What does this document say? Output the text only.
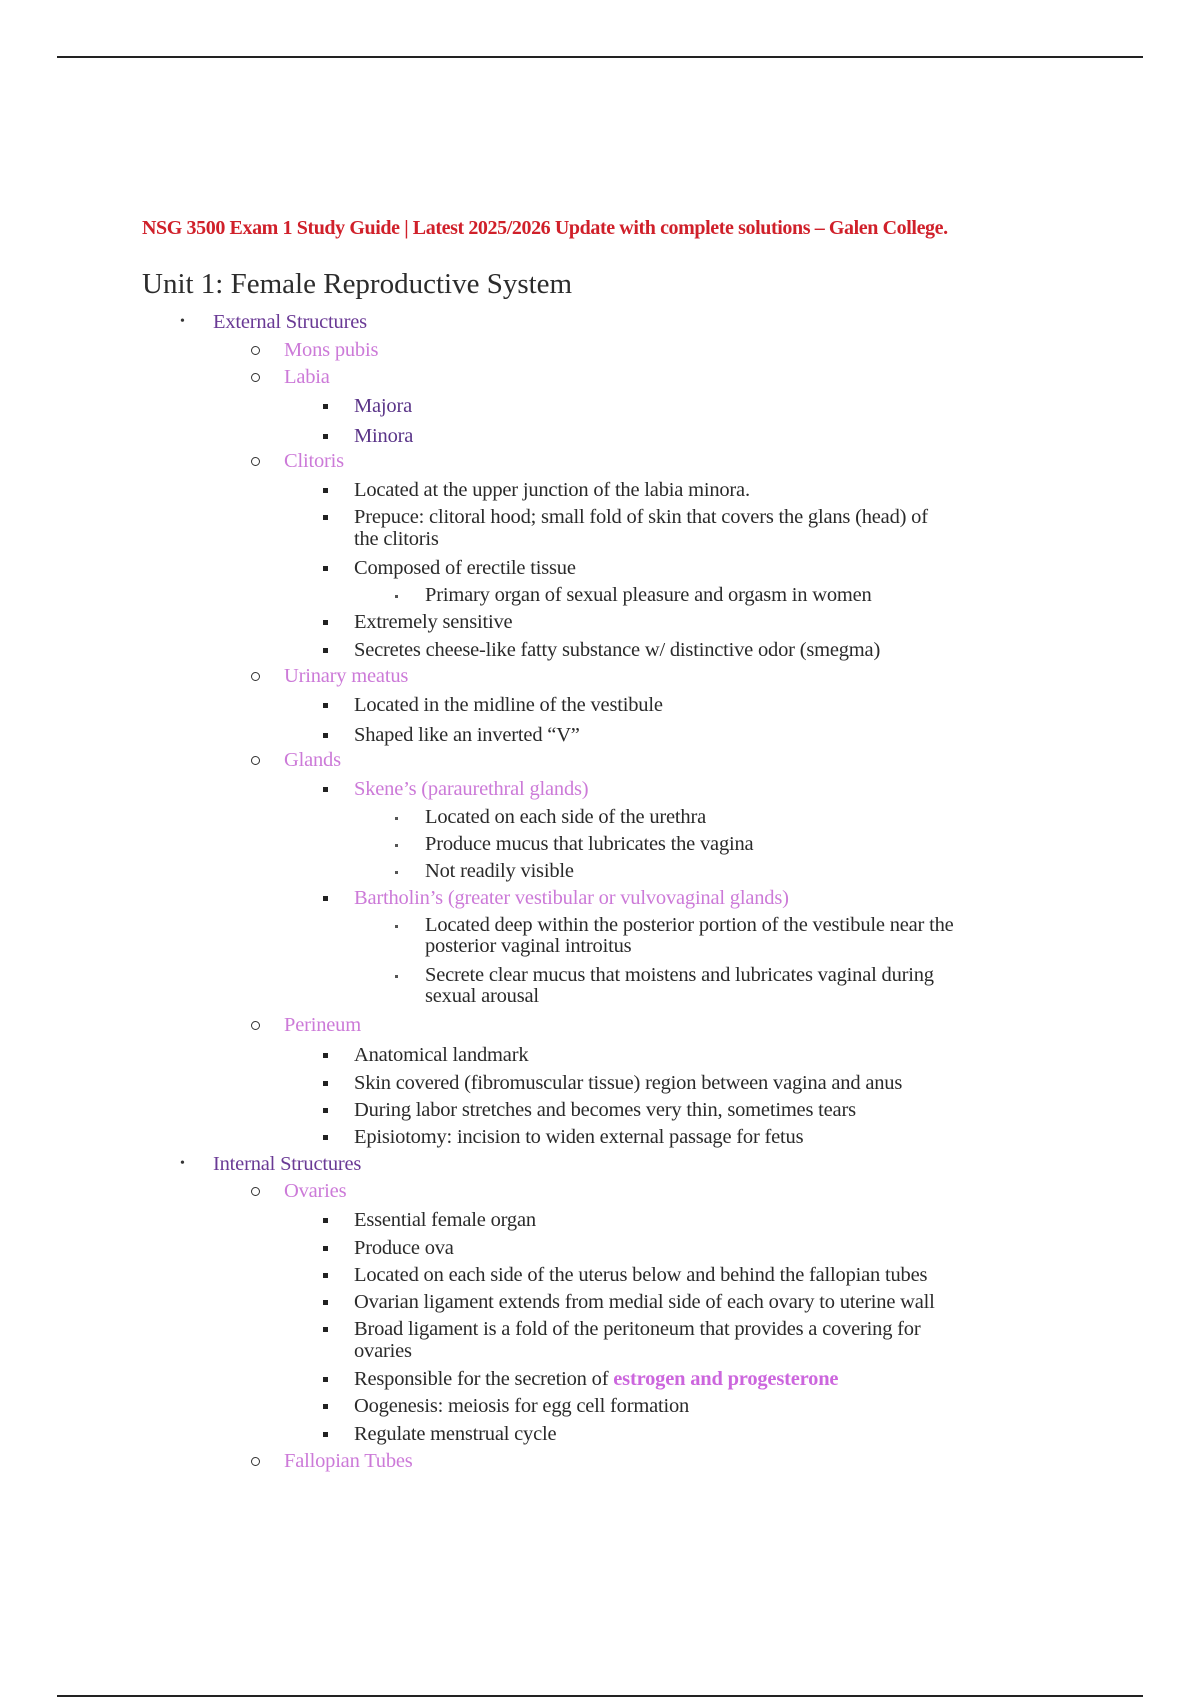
NSG 3500 Exam 1 Study Guide | Latest 2025/2026 Update with complete solutions – Galen College.
Unit 1: Female Reproductive System
• External Structures
Mons pubis
Labia
Majora
Minora
Clitoris
Located at the upper junction of the labia minora.
Prepuce: clitoral hood; small fold of skin that covers the glans (head) of
the clitoris
Composed of erectile tissue
Primary organ of sexual pleasure and orgasm in women
Extremely sensitive
Secretes cheese-like fatty substance w/ distinctive odor (smegma)
Urinary meatus
Located in the midline of the vestibule
Shaped like an inverted “V”
Glands
Skene’s (paraurethral glands)
Located on each side of the urethra
Produce mucus that lubricates the vagina
Not readily visible
Bartholin’s (greater vestibular or vulvovaginal glands)
Located deep within the posterior portion of the vestibule near the
posterior vaginal introitus
Secrete clear mucus that moistens and lubricates vaginal during
sexual arousal
Perineum
Anatomical landmark
Skin covered (fibromuscular tissue) region between vagina and anus
During labor stretches and becomes very thin, sometimes tears
Episiotomy: incision to widen external passage for fetus
• Internal Structures
Ovaries
Essential female organ
Produce ova
Located on each side of the uterus below and behind the fallopian tubes
Ovarian ligament extends from medial side of each ovary to uterine wall
Broad ligament is a fold of the peritoneum that provides a covering for
ovaries
Responsible for the secretion of estrogen and progesterone
Oogenesis: meiosis for egg cell formation
Regulate menstrual cycle
Fallopian Tubes
